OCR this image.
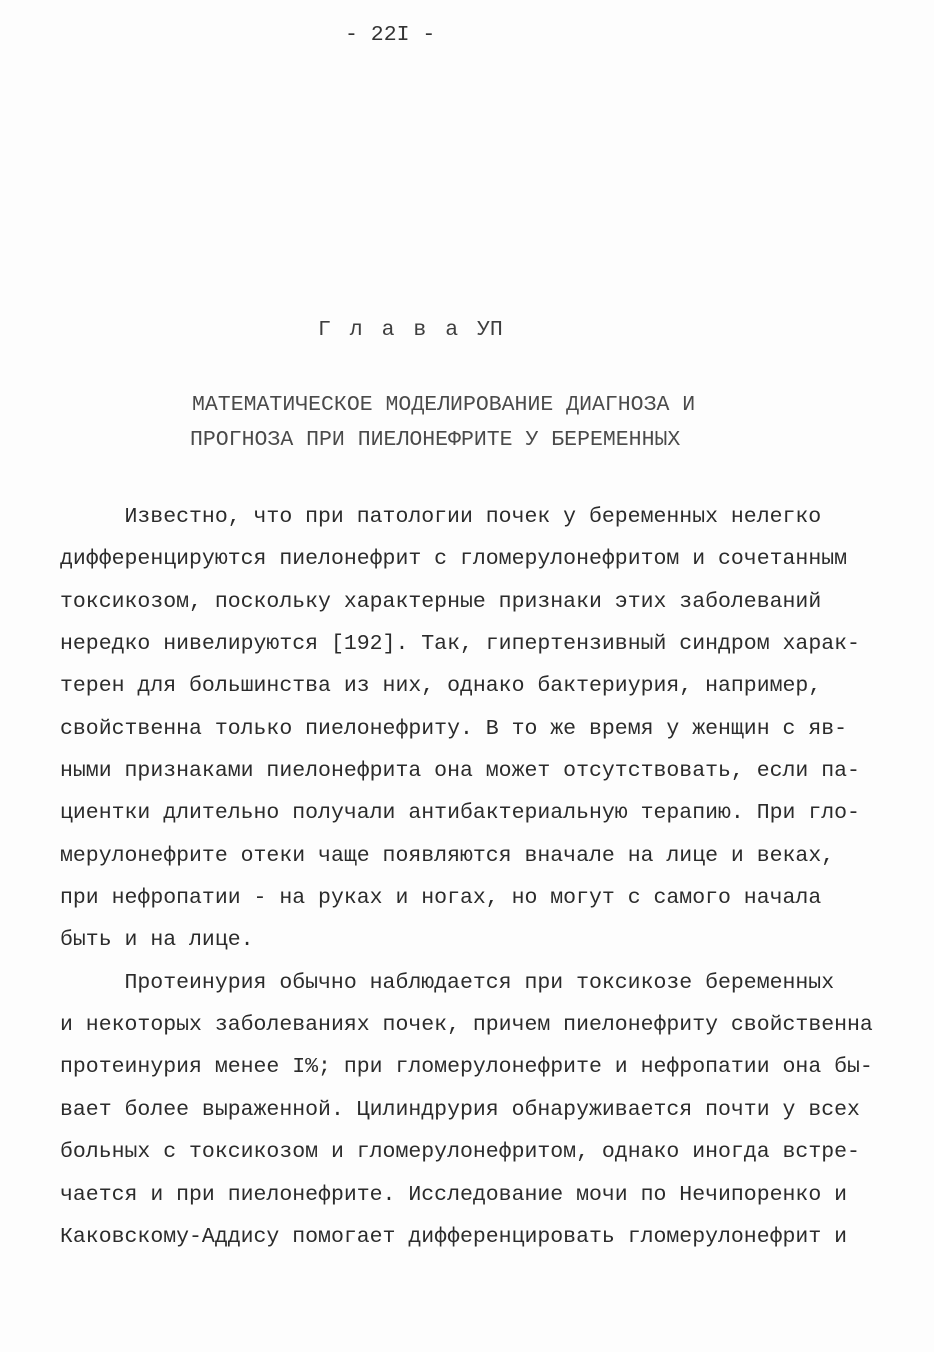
- 22I -
Г л а в а УП
МАТЕМАТИЧЕСКОЕ МОДЕЛИРОВАНИЕ ДИАГНОЗА И
ПРОГНОЗА ПРИ ПИЕЛОНЕФРИТЕ У БЕРЕМЕННЫХ
Известно, что при патологии почек у беременных нелегко
дифференцируются пиелонефрит с гломерулонефритом и сочетанным
токсикозом, поскольку характерные признаки этих заболеваний
нередко нивелируются [192]. Так, гипертензивный синдром харак-
терен для большинства из них, однако бактериурия, например,
свойственна только пиелонефриту. В то же время у женщин с яв-
ными признаками пиелонефрита она может отсутствовать, если па-
циентки длительно получали антибактериальную терапию. При гло-
мерулонефрите отеки чаще появляются вначале на лице и веках,
при нефропатии - на руках и ногах, но могут с самого начала
быть и на лице.
Протеинурия обычно наблюдается при токсикозе беременных
и некоторых заболеваниях почек, причем пиелонефриту свойственна
протеинурия менее I%; при гломерулонефрите и нефропатии она бы-
вает более выраженной. Цилиндрурия обнаруживается почти у всех
больных с токсикозом и гломерулонефритом, однако иногда встре-
чается и при пиелонефрите. Исследование мочи по Нечипоренко и
Каковскому-Аддису помогает дифференцировать гломерулонефрит и
